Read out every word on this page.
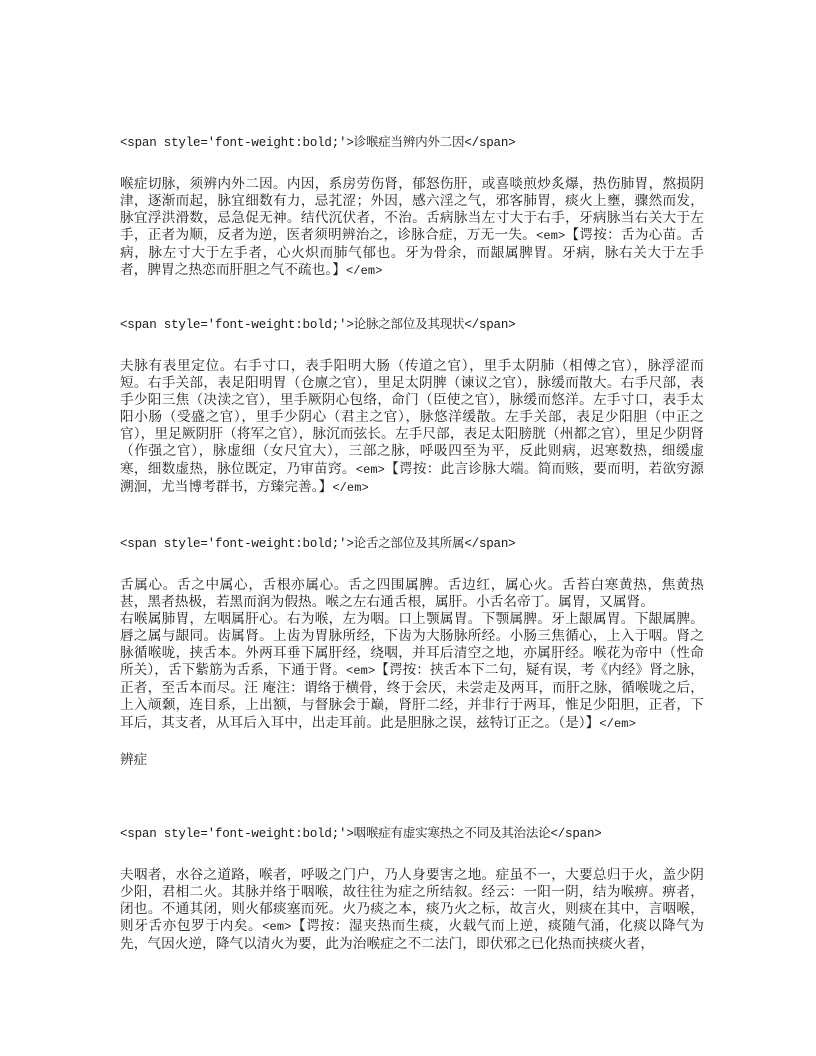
<span style='font-weight:bold;'>诊喉症当辨内外二因</span>
喉症切脉，须辨内外二因。内因，系房劳伤肾，郁怒伤肝，或喜啖煎炒炙爆，热伤肺胃，熬损阴津，逐渐而起，脉宜细数有力，忌芤涩；外因，感六淫之气，邪客肺胃，痰火上壅，骤然而发，脉宜浮洪滑数，忌急促无神。结代沉伏者，不治。舌病脉当左寸大于右手，牙病脉当右关大于左手，正者为顺，反者为逆，医者须明辨治之，诊脉合症，万无一失。<em>【谔按：舌为心苗。舌病，脉左寸大于左手者，心火炽而肺气郁也。牙为骨余，而龈属脾胃。牙病，脉右关大于左手者，脾胃之热恋而肝胆之气不疏也。】</em>
<span style='font-weight:bold;'>论脉之部位及其现状</span>
夫脉有表里定位。右手寸口，表手阳明大肠（传道之官），里手太阴肺（相傅之官），脉浮涩而短。右手关部，表足阳明胃（仓廪之官），里足太阴脾（谏议之官），脉缓而散大。右手尺部，表手少阳三焦（决渎之官），里手厥阴心包络，命门（臣使之官），脉缓而悠洋。左手寸口，表手太阳小肠（受盛之官），里手少阴心（君主之官），脉悠洋缓散。左手关部，表足少阳胆（中正之官），里足厥阴肝（将军之官），脉沉而弦长。左手尺部，表足太阳膀胱（州都之官），里足少阴肾（作强之官），脉虚细（女尺宜大），三部之脉，呼吸四至为平，反此则病，迟寒数热，细缓虚寒，细数虚热，脉位既定，乃审苗窍。<em>【谔按：此言诊脉大端。简而赅，要而明，若欲穷源溯洄，尤当博考群书，方臻完善。】</em>
<span style='font-weight:bold;'>论舌之部位及其所属</span>
舌属心。舌之中属心，舌根亦属心。舌之四围属脾。舌边红，属心火。舌苔白寒黄热，焦黄热甚，黑者热极，若黑而润为假热。喉之左右通舌根，属肝。小舌名帝丁。属胃，又属肾。
右喉属肺胃，左咽属肝心。右为喉，左为咽。口上颚属胃。下颚属脾。牙上龈属胃。下龈属脾。唇之属与龈同。齿属肾。上齿为胃脉所经，下齿为大肠脉所经。小肠三焦循心，上入于咽。肾之脉循喉咙，挟舌本。外两耳垂下属肝经，绕咽，并耳后清空之地，亦属肝经。喉花为帝中（性命所关），舌下紫筋为舌系，下通于肾。<em>【谔按：挟舌本下二句，疑有误，考《内经》肾之脉，正者，至舌本而尽。汪 庵注：谓络于横骨，终于会厌，未尝走及两耳，而肝之脉，循喉咙之后，上入颃颡，连目系，上出额，与督脉会于巅，肾肝二经，并非行于两耳，惟足少阳胆，正者，下耳后，其支者，从耳后入耳中，出走耳前。此是胆脉之误，兹特订正之。（是）】</em>
辨症
<span style='font-weight:bold;'>咽喉症有虚实寒热之不同及其治法论</span>
夫咽者，水谷之道路，喉者，呼吸之门户，乃人身要害之地。症虽不一，大要总归于火，盖少阴少阳，君相二火。其脉并络于咽喉，故往往为症之所结叙。经云：一阳一阴，结为喉痹。痹者，闭也。不通其闭，则火郁痰塞而死。火乃痰之本，痰乃火之标，故言火，则痰在其中，言咽喉，则牙舌亦包罗于内矣。<em>【谔按：湿夹热而生痰，火载气而上逆，痰随气涌，化痰以降气为先，气因火逆，降气以清火为要，此为治喉症之不二法门，即伏邪之已化热而挟痰火者，
